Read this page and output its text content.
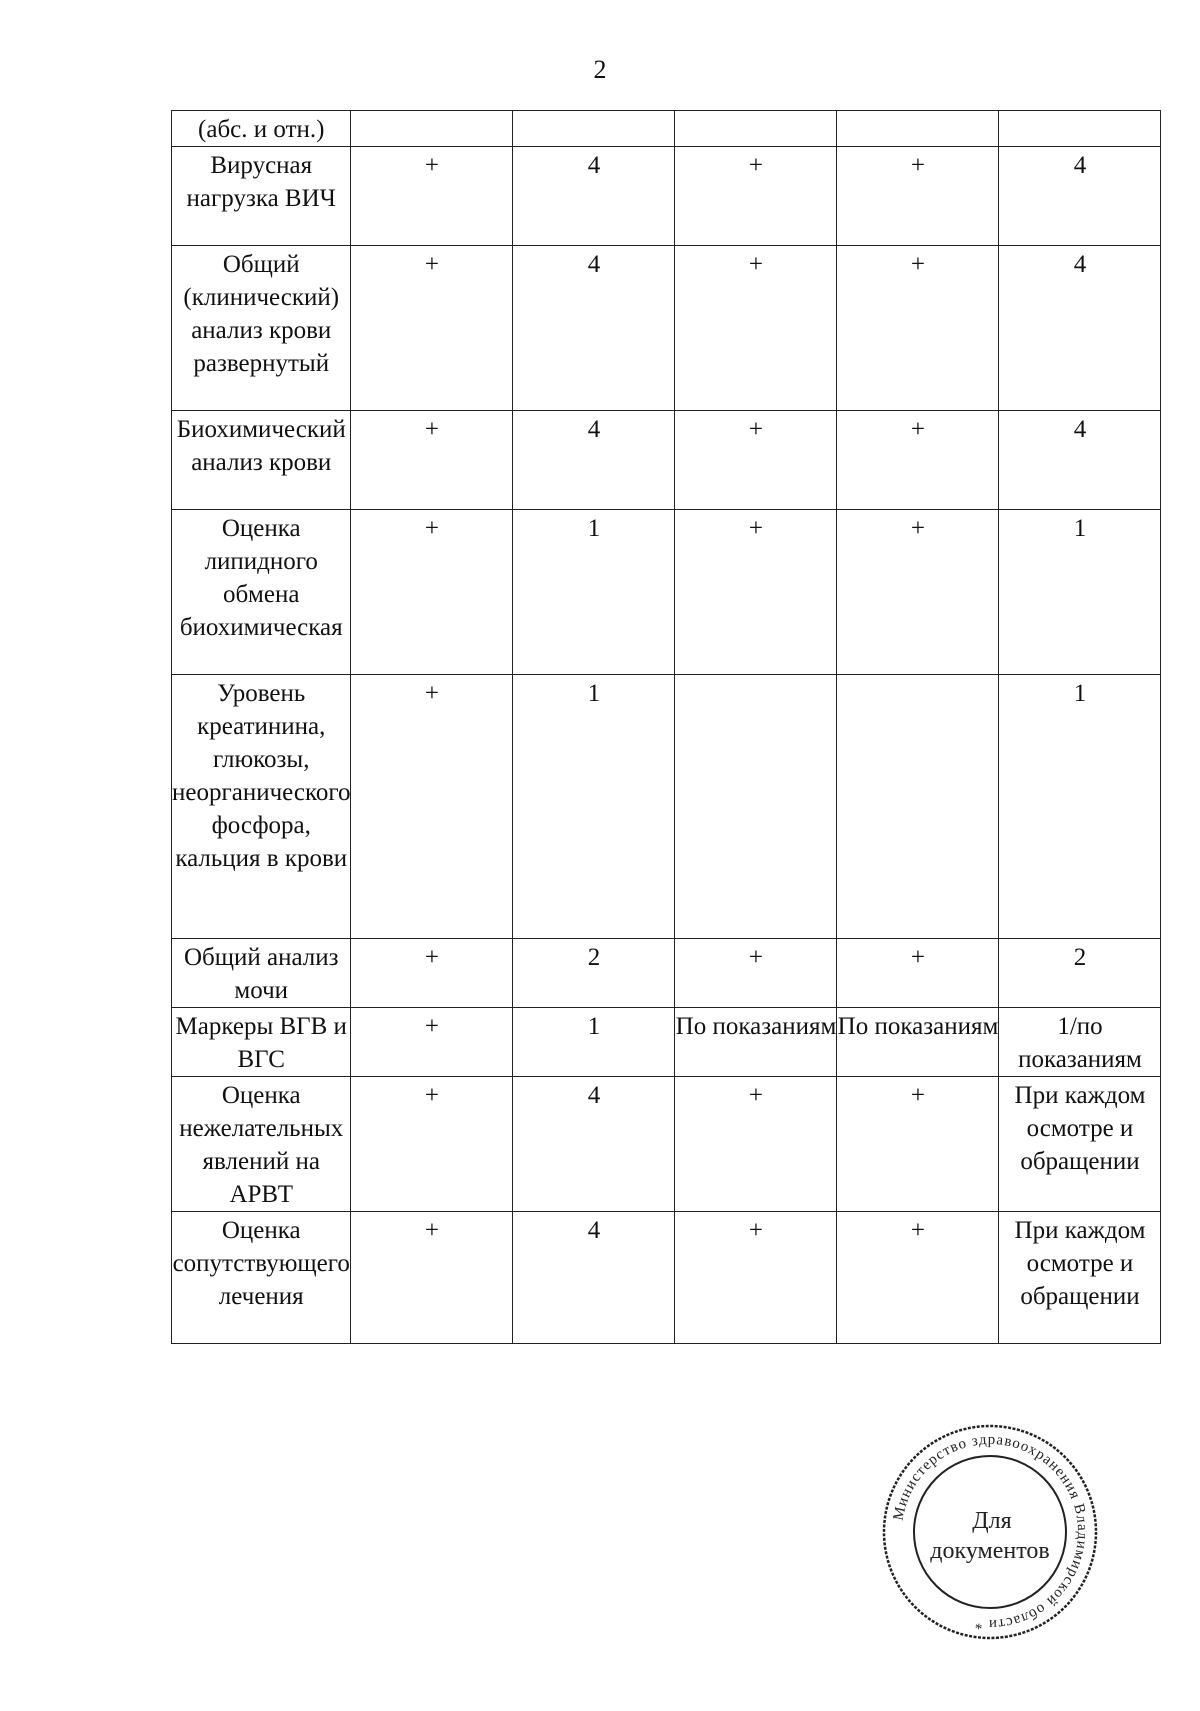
2
(абс. и отн.)					
Вирусная нагрузка ВИЧ	+	4	+	+	4
Общий (клинический) анализ крови развернутый	+	4	+	+	4
Биохимический анализ крови	+	4	+	+	4
Оценка липидного обмена биохимическая	+	1	+	+	1
Уровень креатинина, глюкозы, неорганического фосфора, кальция в крови	+	1			1
Общий анализ мочи	+	2	+	+	2
Маркеры ВГВ и ВГС	+	1	По показаниям	По показаниям	1/по показаниям
Оценка нежелательных явлений на АРВТ	+	4	+	+	При каждом осмотре и обращении
Оценка сопутствующего лечения	+	4	+	+	При каждом осмотре и обращении
Министерство здравоохранения Владимирской области *
Для
документов
